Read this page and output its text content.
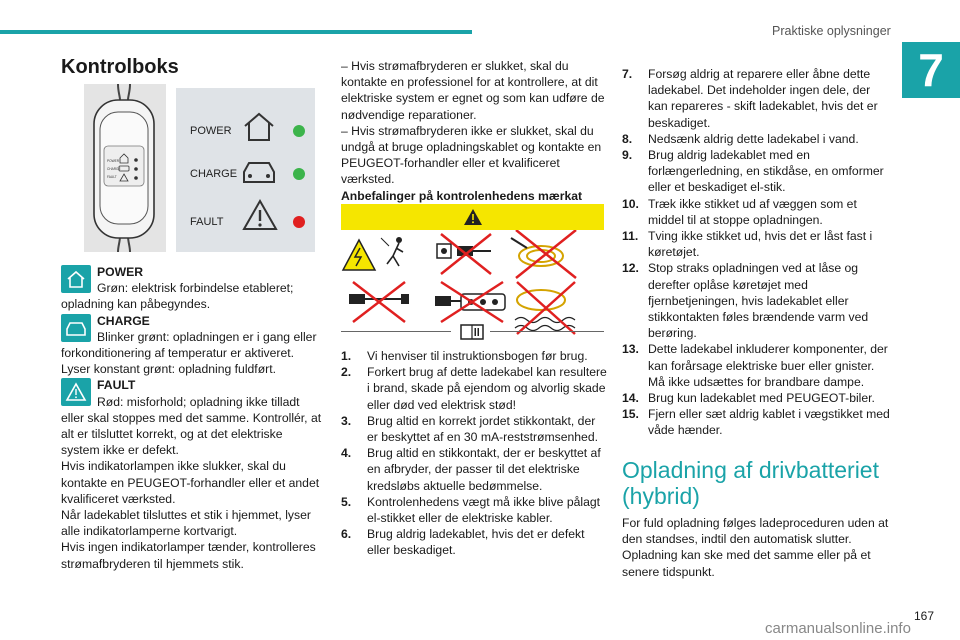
Praktiske oplysninger
7
Kontrolboks
POWER
CHARGE
FAULT
POWER
CHARGE
FAULT
POWER
Grøn: elektrisk forbindelse etableret;
opladning kan påbegyndes.
CHARGE
Blinker grønt: opladningen er i gang eller
forkonditionering af temperatur er aktiveret. Lyser konstant grønt: opladning fuldført.
FAULT
Rød: misforhold; opladning ikke tilladt
eller skal stoppes med det samme. Kontrollér, at alt er tilsluttet korrekt, og at det elektriske system ikke er defekt.

Hvis indikatorlampen ikke slukker, skal du kontakte en PEUGEOT-forhandler eller et andet kvalificeret værksted.

Når ladekablet tilsluttes et stik i hjemmet, lyser alle indikatorlamperne kortvarigt.

Hvis ingen indikatorlamper tænder, kontrolleres strømafbryderen til hjemmets stik.

– Hvis strømafbryderen er slukket, skal du kontakte en professionel for at kontrollere, at dit elektriske system er egnet og som kan udføre de nødvendige reparationer.

– Hvis strømafbryderen ikke er slukket, skal du undgå at bruge opladningskablet og kontakte en PEUGEOT-forhandler eller et kvalificeret værksted.

Anbefalinger på kontrolenhedens mærkat

1. Vi henviser til instruktionsbogen før brug.
2. Forkert brug af dette ladekabel kan resultere i brand, skade på ejendom og alvorlig skade eller død ved elektrisk stød!
3. Brug altid en korrekt jordet stikkontakt, der er beskyttet af en 30 mA-reststrømsenhed.
4. Brug altid en stikkontakt, der er beskyttet af en afbryder, der passer til det elektriske kredsløbs aktuelle bedømmelse.
5. Kontrolenhedens vægt må ikke blive pålagt el-stikket eller de elektriske kabler.
6. Brug aldrig ladekablet, hvis det er defekt eller beskadiget.
7. Forsøg aldrig at reparere eller åbne dette ladekabel. Det indeholder ingen dele, der kan repareres - skift ladekablet, hvis det er beskadiget.
8. Nedsænk aldrig dette ladekabel i vand.
9. Brug aldrig ladekablet med en forlængerledning, en stikdåse, en omformer eller et beskadiget el-stik.
10. Træk ikke stikket ud af væggen som et middel til at stoppe opladningen.
11. Tving ikke stikket ud, hvis det er låst fast i køretøjet.
12. Stop straks opladningen ved at låse og derefter oplåse køretøjet med fjernbetjeningen, hvis ladekablet eller stikkontakten føles brændende varm ved berøring.
13. Dette ladekabel inkluderer komponenter, der kan forårsage elektriske buer eller gnister. Må ikke udsættes for brandbare dampe.
14. Brug kun ladekablet med PEUGEOT-biler.
15. Fjern eller sæt aldrig kablet i vægstikket med våde hænder.
Opladning af drivbatteriet
(hybrid)

For fuld opladning følges ladeproceduren uden at den standses, indtil den automatisk slutter.

Opladning kan ske med det samme eller på et senere tidspunkt.

167
carmanualsonline.info
